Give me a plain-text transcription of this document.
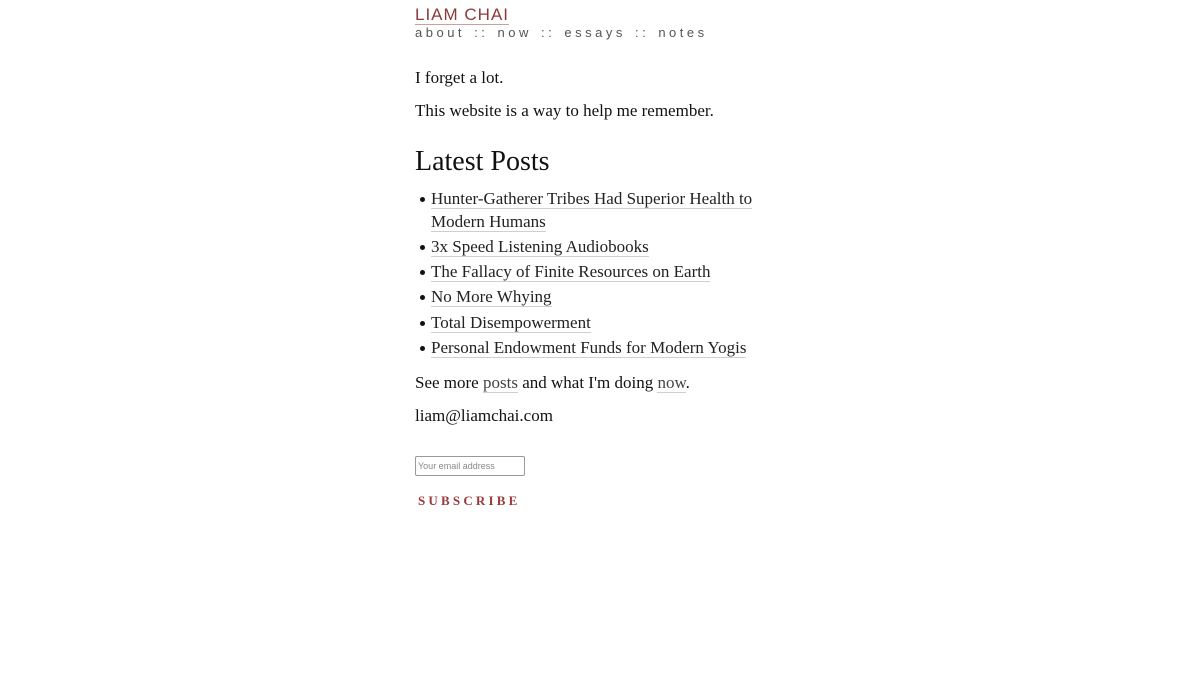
LIAM CHAI
about :: now :: essays :: notes

I forget a lot.

This website is a way to help me remember.

Latest Posts
Hunter-Gatherer Tribes Had Superior Health to Modern Humans
3x Speed Listening Audiobooks
The Fallacy of Finite Resources on Earth
No More Whying
Total Disempowerment
Personal Endowment Funds for Modern Yogis

See more posts and what I'm doing now.

liam@liamchai.com

Your email address
SUBSCRIBE
